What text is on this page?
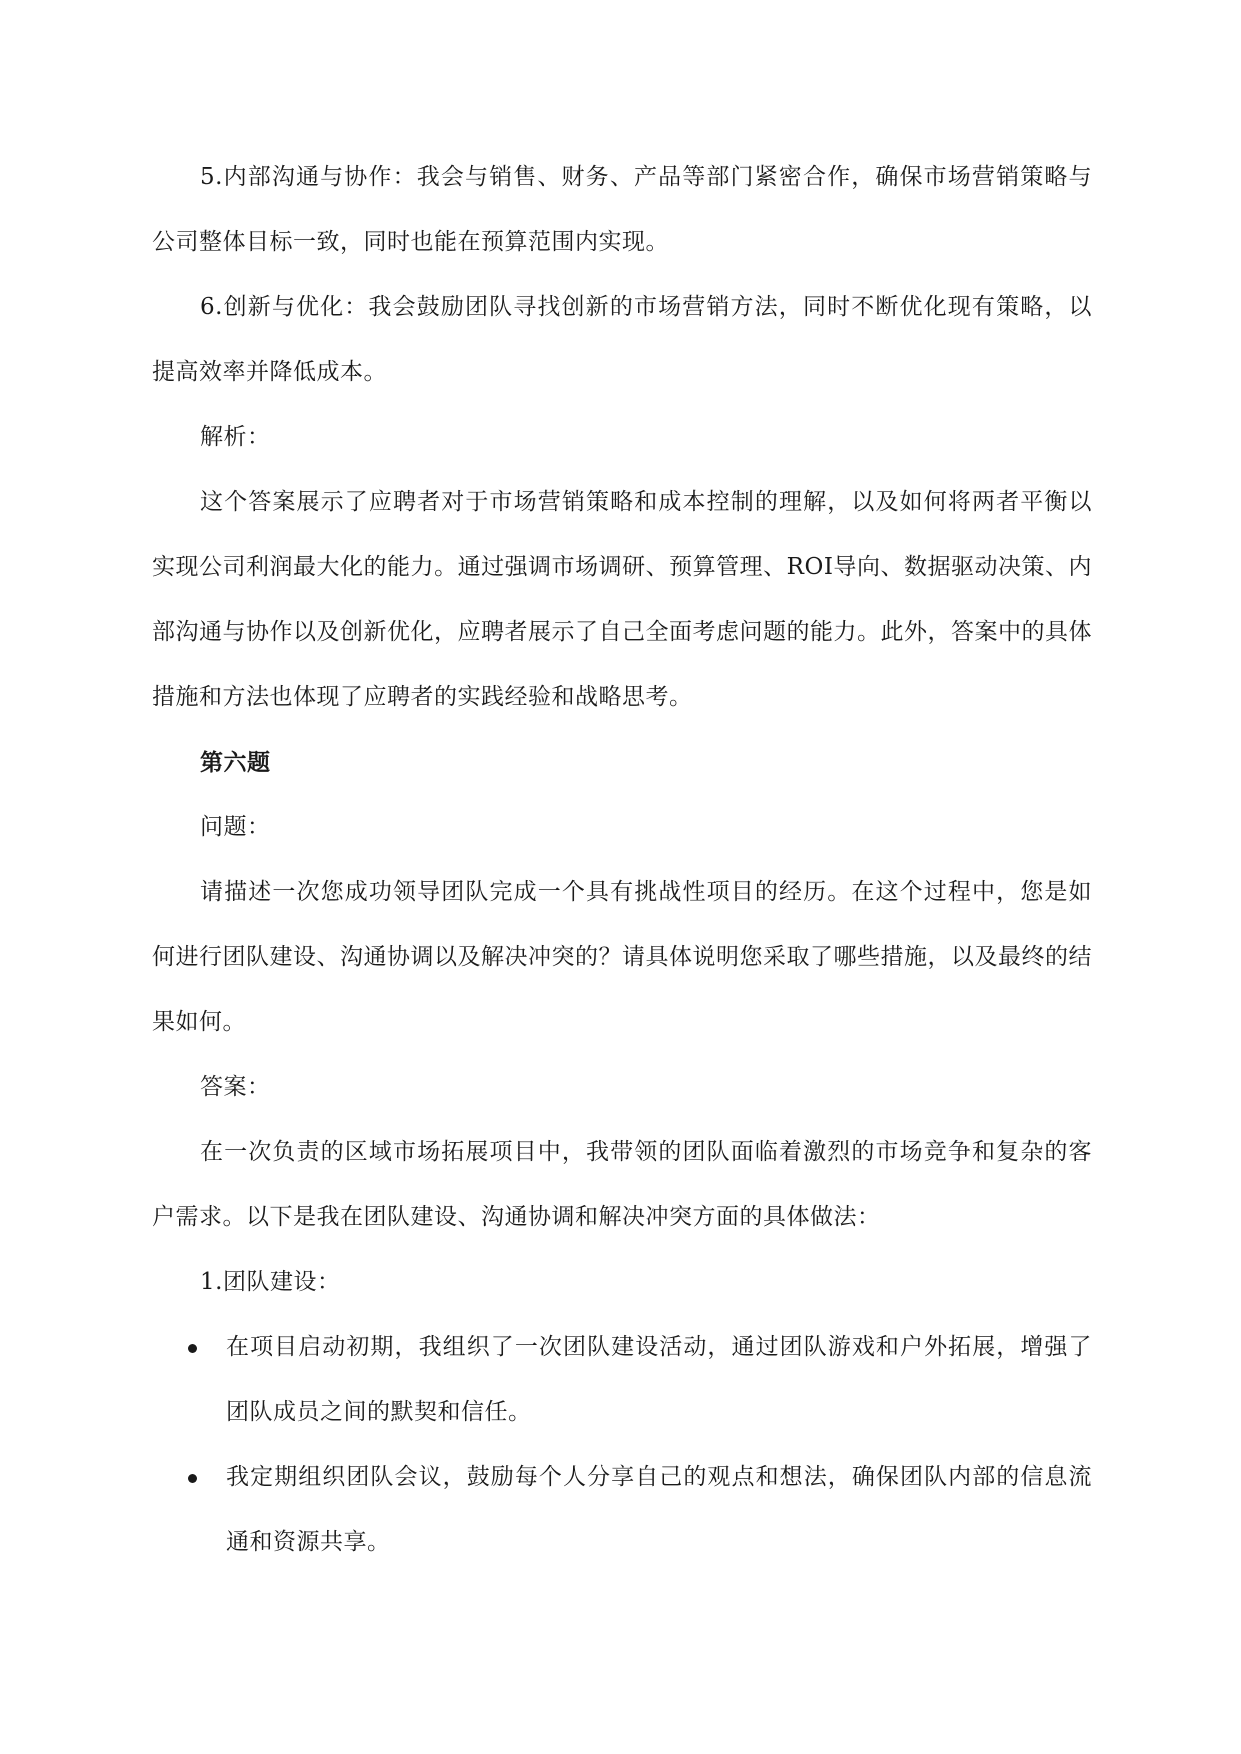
5.内部沟通与协作：我会与销售、财务、产品等部门紧密合作，确保市场营销策略与公司整体目标一致，同时也能在预算范围内实现。

6.创新与优化：我会鼓励团队寻找创新的市场营销方法，同时不断优化现有策略，以提高效率并降低成本。

解析：

这个答案展示了应聘者对于市场营销策略和成本控制的理解，以及如何将两者平衡以实现公司利润最大化的能力。通过强调市场调研、预算管理、ROI导向、数据驱动决策、内部沟通与协作以及创新优化，应聘者展示了自己全面考虑问题的能力。此外，答案中的具体措施和方法也体现了应聘者的实践经验和战略思考。

第六题

问题：

请描述一次您成功领导团队完成一个具有挑战性项目的经历。在这个过程中，您是如何进行团队建设、沟通协调以及解决冲突的？请具体说明您采取了哪些措施，以及最终的结果如何。

答案：

在一次负责的区域市场拓展项目中，我带领的团队面临着激烈的市场竞争和复杂的客户需求。以下是我在团队建设、沟通协调和解决冲突方面的具体做法：

1.团队建设：

在项目启动初期，我组织了一次团队建设活动，通过团队游戏和户外拓展，增强了团队成员之间的默契和信任。
我定期组织团队会议，鼓励每个人分享自己的观点和想法，确保团队内部的信息流通和资源共享。
